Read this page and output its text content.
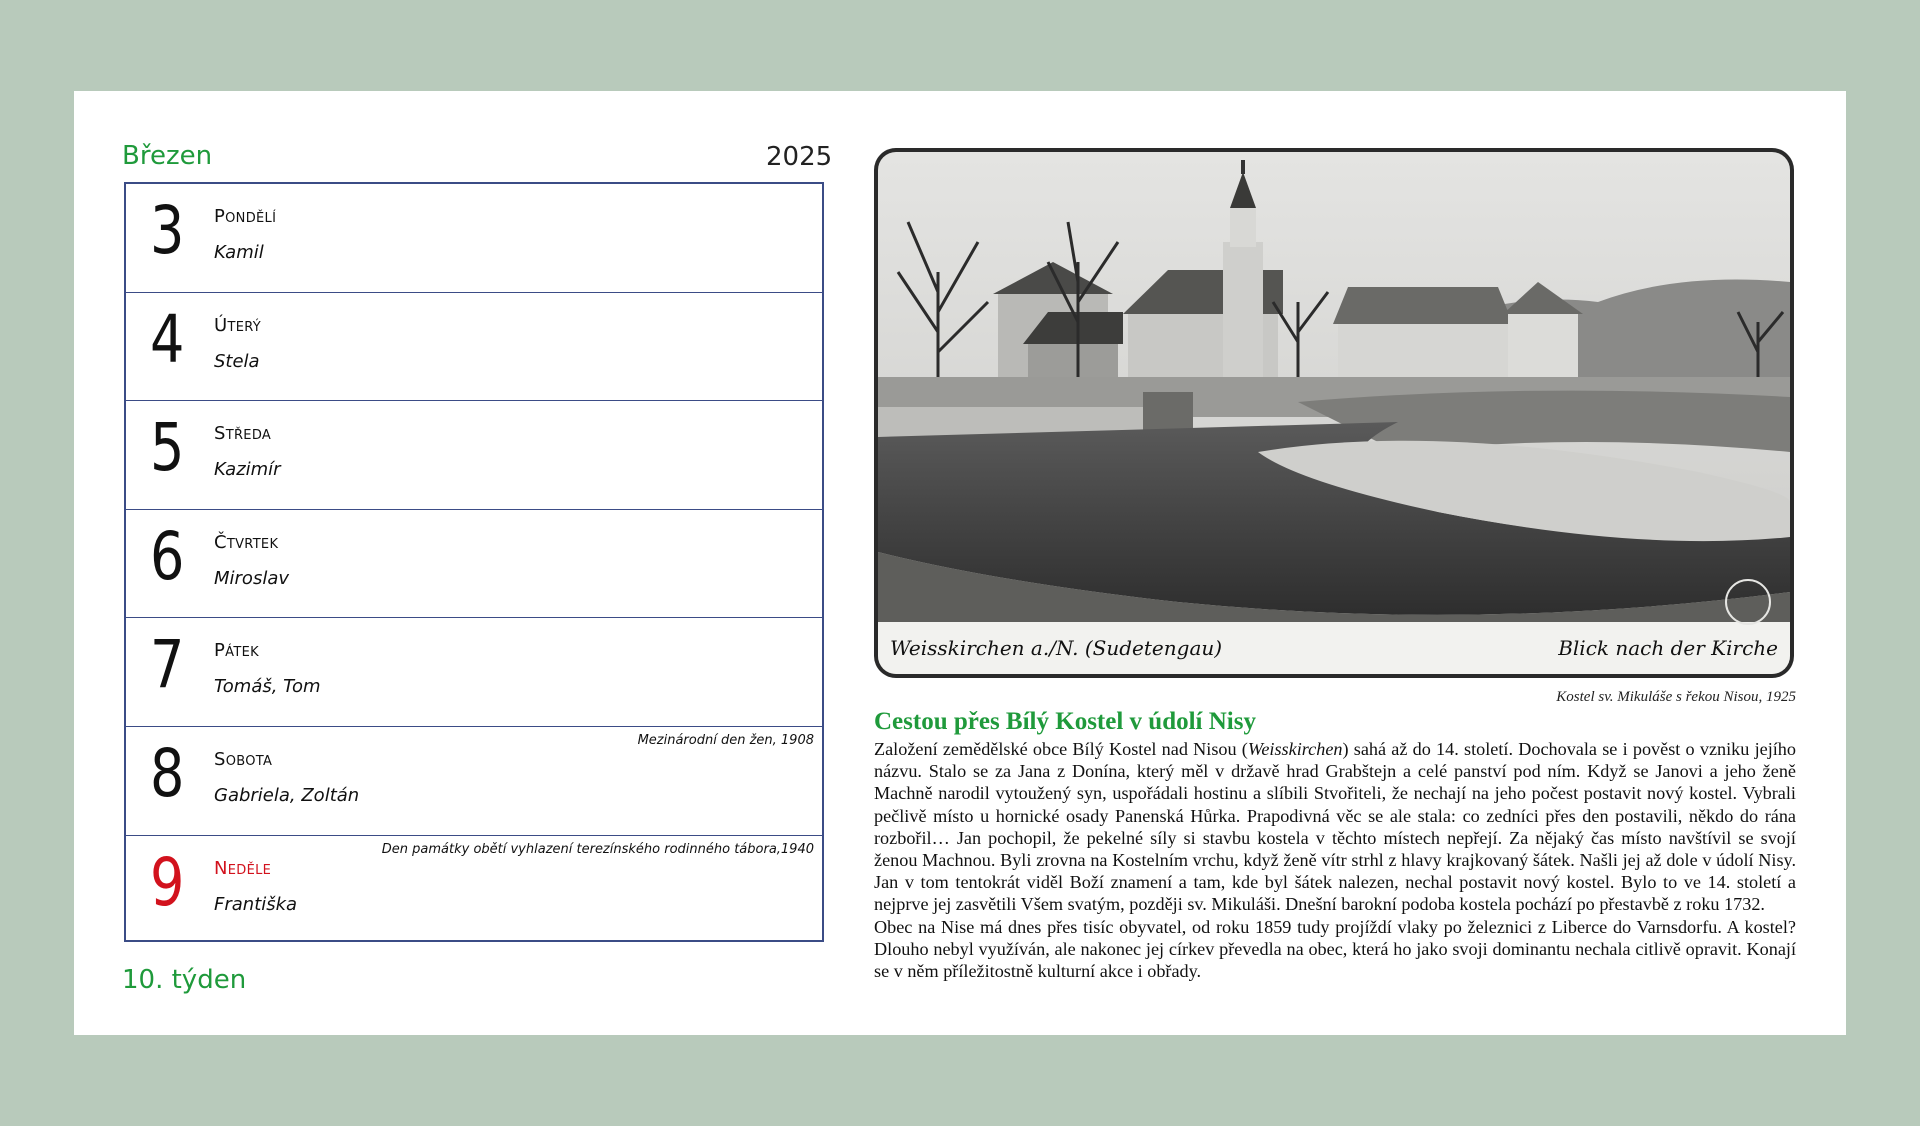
Březen	2025
3 Pondělí
Kamil
4 Úterý
Stela
5 Středa
Kazimír
6 Čtvrtek
Miroslav
7 Pátek
Tomáš, Tom
Mezinárodní den žen, 1908
8 Sobota
Gabriela, Zoltán
Den památky obětí vyhlazení terezínského rodinného tábora,1940
9 Neděle
Františka
10. týden
Weisskirchen a./N. (Sudetengau)	Blick nach der Kirche
Kostel sv. Mikuláše s řekou Nisou, 1925
Cestou přes Bílý Kostel v údolí Nisy

Založení zemědělské obce Bílý Kostel nad Nisou (Weisskirchen) sahá až do 14. století. Dochovala se i pověst o vzniku jejího názvu. Stalo se za Jana z Donína, který měl v državě hrad Grabštejn a celé panství pod ním. Když se Janovi a jeho ženě Machně narodil vytoužený syn, uspořádali hostinu a slíbili Stvořiteli, že nechají na jeho počest postavit nový kostel. Vybrali pečlivě místo u hornické osady Panenská Hůrka. Prapodivná věc se ale stala: co zedníci přes den postavili, někdo do rána rozbořil… Jan pochopil, že pekelné síly si stavbu kostela v těchto místech nepřejí. Za nějaký čas místo navštívil se svojí ženou Machnou. Byli zrovna na Kostelním vrchu, když ženě vítr strhl z hlavy krajkovaný šátek. Našli jej až dole v údolí Nisy. Jan v tom tentokrát viděl Boží znamení a tam, kde byl šátek nalezen, nechal postavit nový kostel. Bylo to ve 14. století a nejprve jej zasvětili Všem svatým, později sv. Mikuláši. Dnešní barokní podoba kostela pochází po přestavbě z roku 1732.

Obec na Nise má dnes přes tisíc obyvatel, od roku 1859 tudy projíždí vlaky po železnici z Liberce do Varnsdorfu. A kostel? Dlouho nebyl využíván, ale nakonec jej církev převedla na obec, která ho jako svoji dominantu nechala citlivě opravit. Konají se v něm příležitostně kulturní akce i obřady.
